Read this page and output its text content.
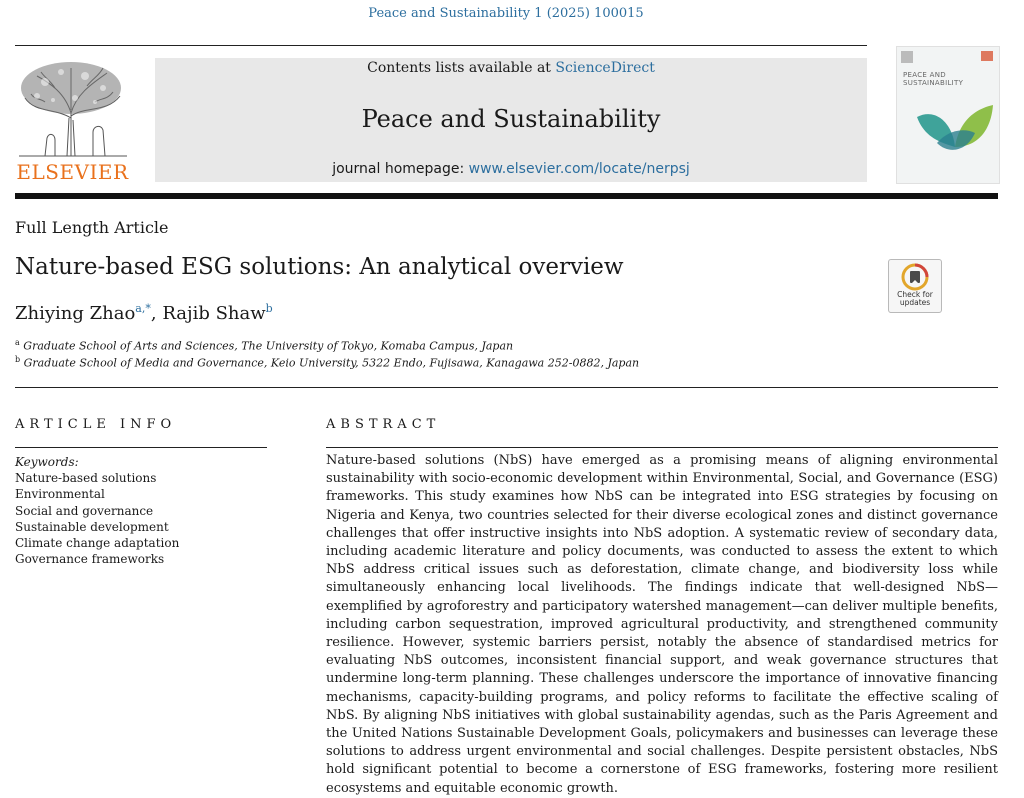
Peace and Sustainability 1 (2025) 100015
ELSEVIER
Contents lists available at ScienceDirect
Peace and Sustainability
journal homepage: www.elsevier.com/locate/nerpsj
PEACE AND
SUSTAINABILITY
Full Length Article
Nature-based ESG solutions: An analytical overview
Zhiying Zhao$^{a,*}$, Rajib Shaw$^b$
$^a$ Graduate School of Arts and Sciences, The University of Tokyo, Komaba Campus, Japan
$^b$ Graduate School of Media and Governance, Keio University, 5322 Endo, Fujisawa, Kanagawa 252-0882, Japan
Check for updates
ARTICLE INFO
Keywords:
Nature-based solutions
Environmental
Social and governance
Sustainable development
Climate change adaptation
Governance frameworks
ABSTRACT

Nature-based solutions (NbS) have emerged as a promising means of aligning environmental sustainability with socio-economic development within Environmental, Social, and Governance (ESG) frameworks. This study examines how NbS can be integrated into ESG strategies by focusing on Nigeria and Kenya, two countries selected for their diverse ecological zones and distinct governance challenges that offer instructive insights into NbS adoption. A systematic review of secondary data, including academic literature and policy documents, was conducted to assess the extent to which NbS address critical issues such as deforestation, climate change, and biodiversity loss while simultaneously enhancing local livelihoods. The findings indicate that well-designed NbS—exemplified by agroforestry and participatory watershed management—can deliver multiple benefits, including carbon sequestration, improved agricultural productivity, and strengthened community resilience. However, systemic barriers persist, notably the absence of standardised metrics for evaluating NbS outcomes, inconsistent financial support, and weak governance structures that undermine long-term planning. These challenges underscore the importance of innovative financing mechanisms, capacity-building programs, and policy reforms to facilitate the effective scaling of NbS. By aligning NbS initiatives with global sustainability agendas, such as the Paris Agreement and the United Nations Sustainable Development Goals, policymakers and businesses can leverage these solutions to address urgent environmental and social challenges. Despite persistent obstacles, NbS hold significant potential to become a cornerstone of ESG frameworks, fostering more resilient ecosystems and equitable economic growth.
